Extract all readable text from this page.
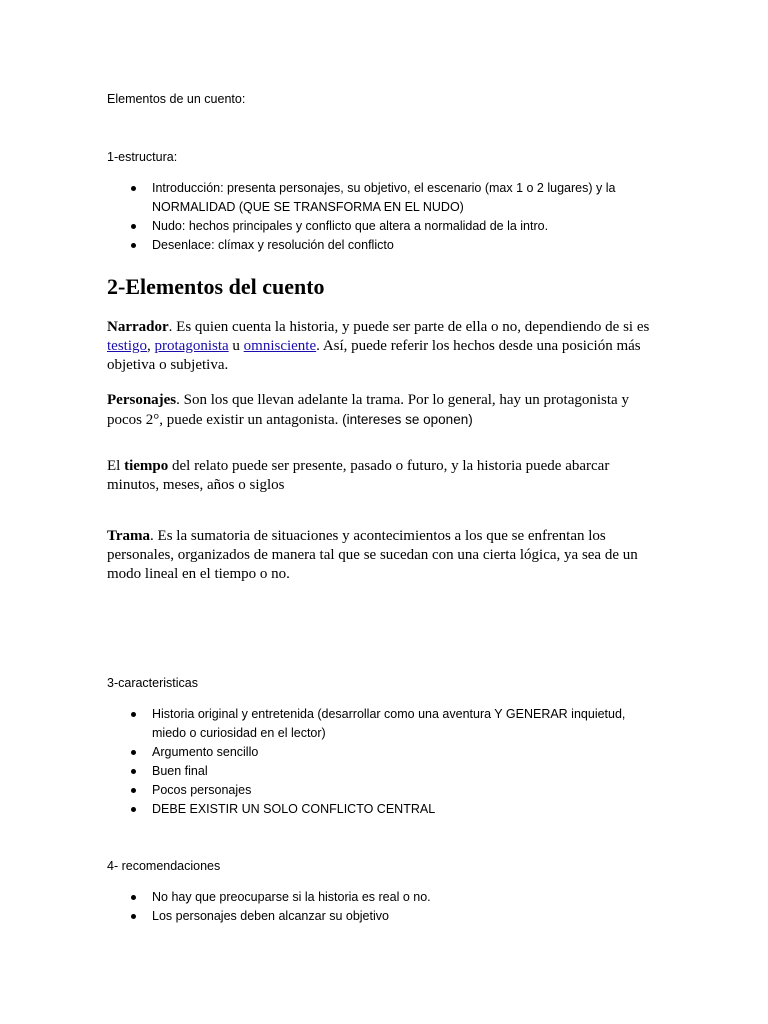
Elementos de un cuento:
1-estructura:
Introducción: presenta personajes, su objetivo, el escenario (max 1 o 2 lugares) y la NORMALIDAD (QUE SE TRANSFORMA EN EL NUDO)
Nudo: hechos principales y conflicto que altera a normalidad de la intro.
Desenlace: clímax y resolución del conflicto
2-Elementos del cuento
Narrador. Es quien cuenta la historia, y puede ser parte de ella o no, dependiendo de si es testigo, protagonista u omnisciente. Así, puede referir los hechos desde una posición más objetiva o subjetiva.
Personajes. Son los que llevan adelante la trama. Por lo general, hay un protagonista y pocos 2°, puede existir un antagonista. (intereses se oponen)
El tiempo del relato puede ser presente, pasado o futuro, y la historia puede abarcar minutos, meses, años o siglos
Trama. Es la sumatoria de situaciones y acontecimientos a los que se enfrentan los personales, organizados de manera tal que se sucedan con una cierta lógica, ya sea de un modo lineal en el tiempo o no.
3-caracteristicas
Historia original y entretenida (desarrollar como una aventura Y GENERAR inquietud, miedo o curiosidad en el lector)
Argumento sencillo
Buen final
Pocos personajes
DEBE EXISTIR UN SOLO CONFLICTO CENTRAL
4- recomendaciones
No hay que preocuparse si la historia es real o no.
Los personajes deben alcanzar su objetivo
